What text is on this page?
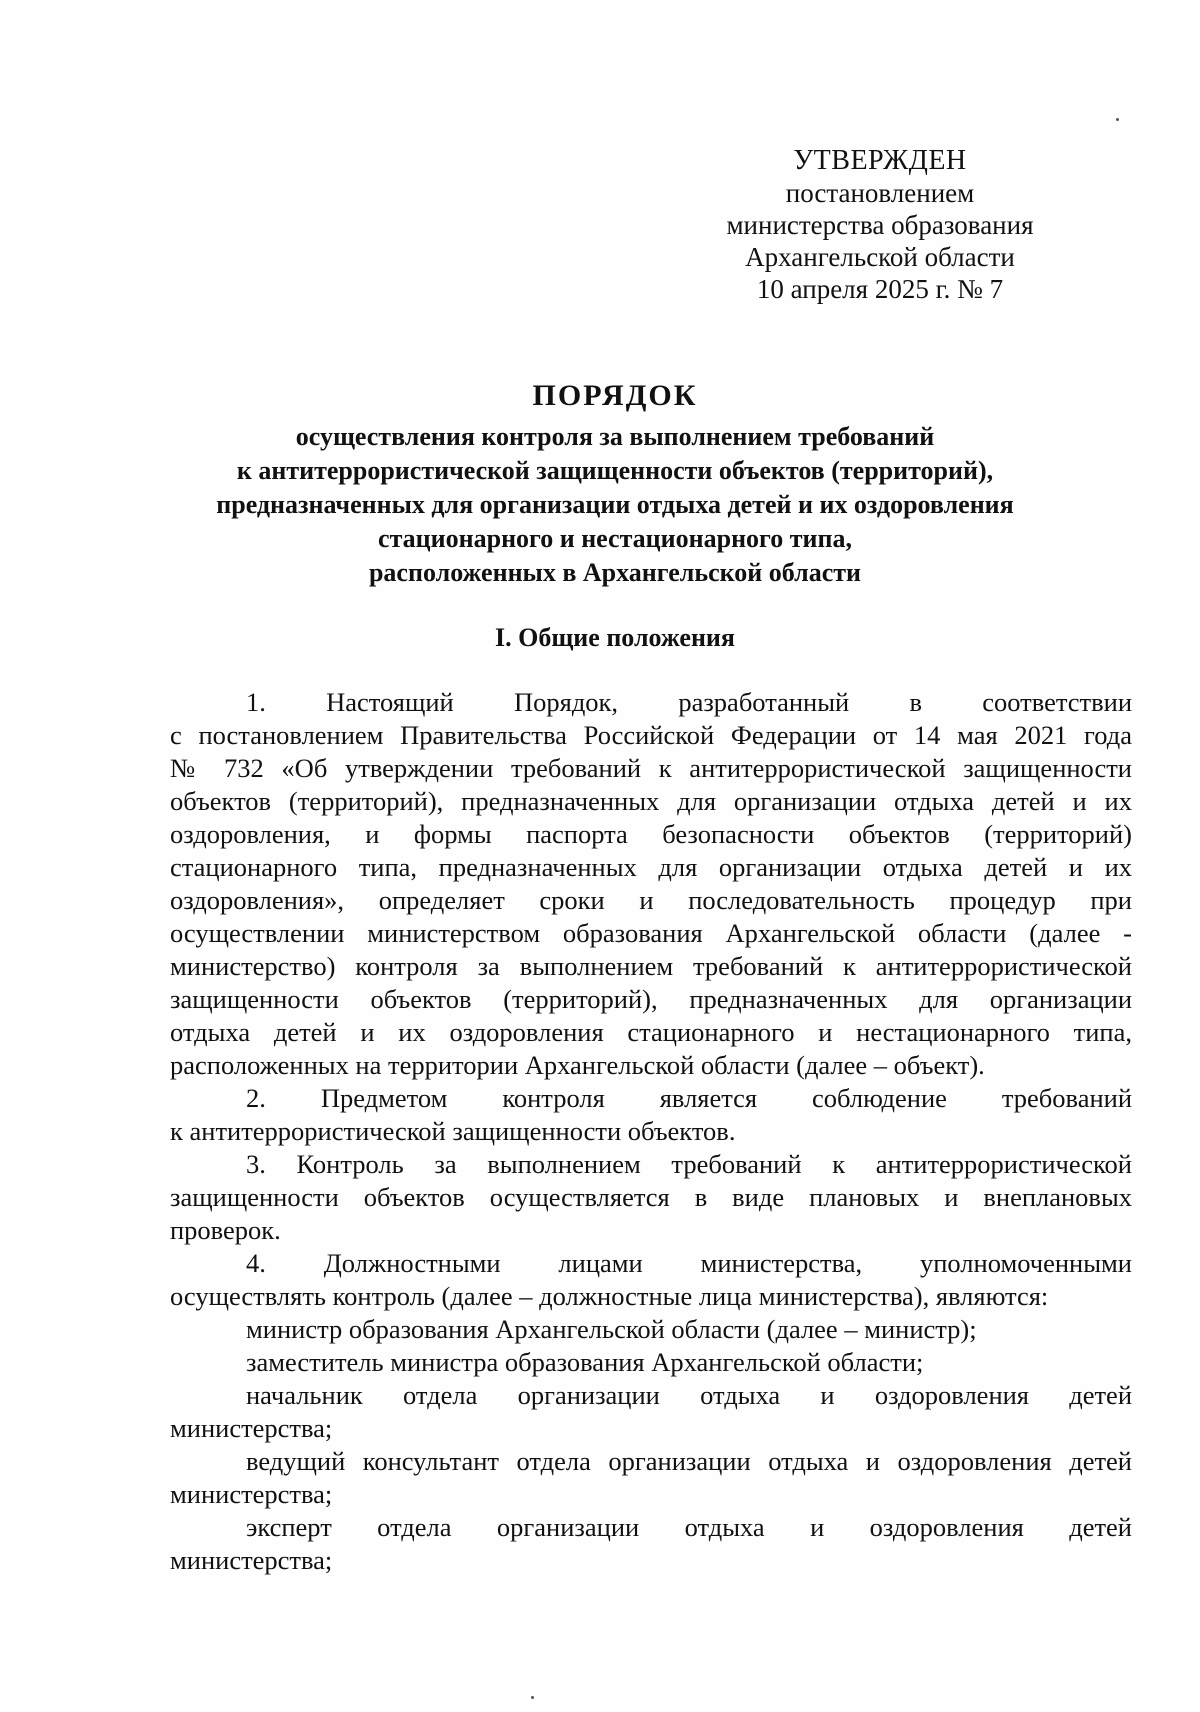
УТВЕРЖДЕН
постановлением
министерства образования
Архангельской области
10 апреля 2025 г. № 7
ПОРЯДОК
осуществления контроля за выполнением требований
к антитеррористической защищенности объектов (территорий),
предназначенных для организации отдыха детей и их оздоровления
стационарного и нестационарного типа,
расположенных в Архангельской области
I. Общие положения
1. Настоящий Порядок, разработанный в соответствии
с постановлением Правительства Российской Федерации от 14 мая 2021 года
№ 732 «Об утверждении требований к антитеррористической защищенности
объектов (территорий), предназначенных для организации отдыха детей и их
оздоровления, и формы паспорта безопасности объектов (территорий)
стационарного типа, предназначенных для организации отдыха детей и их
оздоровления», определяет сроки и последовательность процедур при
осуществлении министерством образования Архангельской области (далее -
министерство) контроля за выполнением требований к антитеррористической
защищенности объектов (территорий), предназначенных для организации
отдыха детей и их оздоровления стационарного и нестационарного типа,
расположенных на территории Архангельской области (далее – объект).
2. Предметом контроля является соблюдение требований
к антитеррористической защищенности объектов.
3. Контроль за выполнением требований к антитеррористической
защищенности объектов осуществляется в виде плановых и внеплановых
проверок.
4. Должностными лицами министерства, уполномоченными
осуществлять контроль (далее – должностные лица министерства), являются:
министр образования Архангельской области (далее – министр);
заместитель министра образования Архангельской области;
начальник отдела организации отдыха и оздоровления детей
министерства;
ведущий консультант отдела организации отдыха и оздоровления детей
министерства;
эксперт отдела организации отдыха и оздоровления детей
министерства;
